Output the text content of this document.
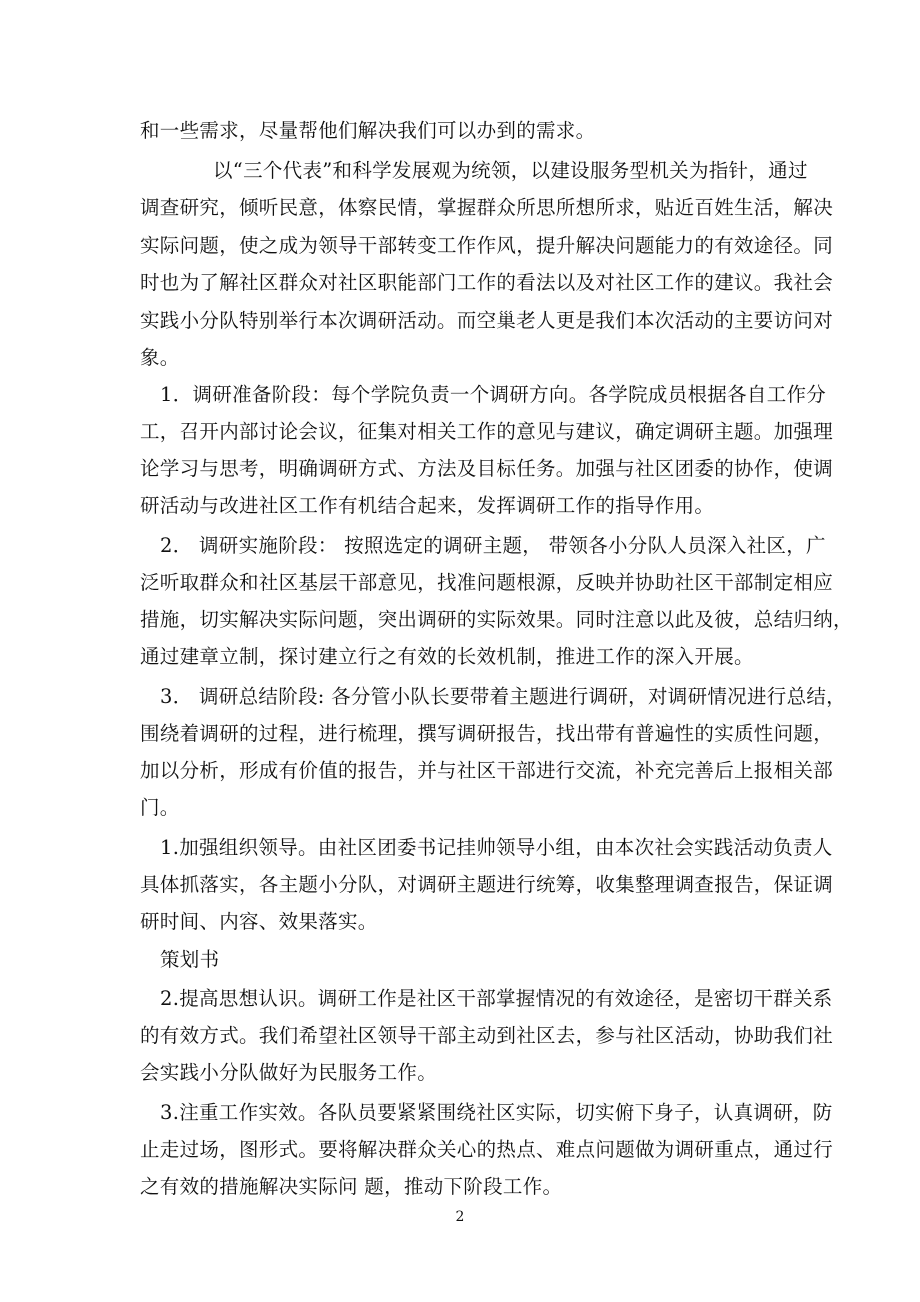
和一些需求，尽量帮他们解决我们可以办到的需求。
以“三个代表”和科学发展观为统领，以建设服务型机关为指针，通过
调查研究，倾听民意，体察民情，掌握群众所思所想所求，贴近百姓生活，解决
实际问题，使之成为领导干部转变工作作风，提升解决问题能力的有效途径。同
时也为了解社区群众对社区职能部门工作的看法以及对社区工作的建议。我社会
实践小分队特别举行本次调研活动。而空巢老人更是我们本次活动的主要访问对
象。
1．调研准备阶段：每个学院负责一个调研方向。各学院成员根据各自工作分
工，召开内部讨论会议，征集对相关工作的意见与建议，确定调研主题。加强理
论学习与思考，明确调研方式、方法及目标任务。加强与社区团委的协作，使调
研活动与改进社区工作有机结合起来，发挥调研工作的指导作用。
2． 调研实施阶段： 按照选定的调研主题， 带领各小分队人员深入社区，广
泛听取群众和社区基层干部意见，找准问题根源，反映并协助社区干部制定相应
措施，切实解决实际问题，突出调研的实际效果。同时注意以此及彼，总结归纳，
通过建章立制，探讨建立行之有效的长效机制，推进工作的深入开展。
3． 调研总结阶段: 各分管小队长要带着主题进行调研，对调研情况进行总结，
围绕着调研的过程，进行梳理，撰写调研报告，找出带有普遍性的实质性问题，
加以分析，形成有价值的报告，并与社区干部进行交流，补充完善后上报相关部
门。
1.加强组织领导。由社区团委书记挂帅领导小组，由本次社会实践活动负责人
具体抓落实，各主题小分队，对调研主题进行统筹，收集整理调查报告，保证调
研时间、内容、效果落实。
策划书
2.提高思想认识。调研工作是社区干部掌握情况的有效途径，是密切干群关系
的有效方式。我们希望社区领导干部主动到社区去，参与社区活动，协助我们社
会实践小分队做好为民服务工作。
3.注重工作实效。各队员要紧紧围绕社区实际，切实俯下身子，认真调研，防
止走过场，图形式。要将解决群众关心的热点、难点问题做为调研重点，通过行
之有效的措施解决实际问 题，推动下阶段工作。
2
